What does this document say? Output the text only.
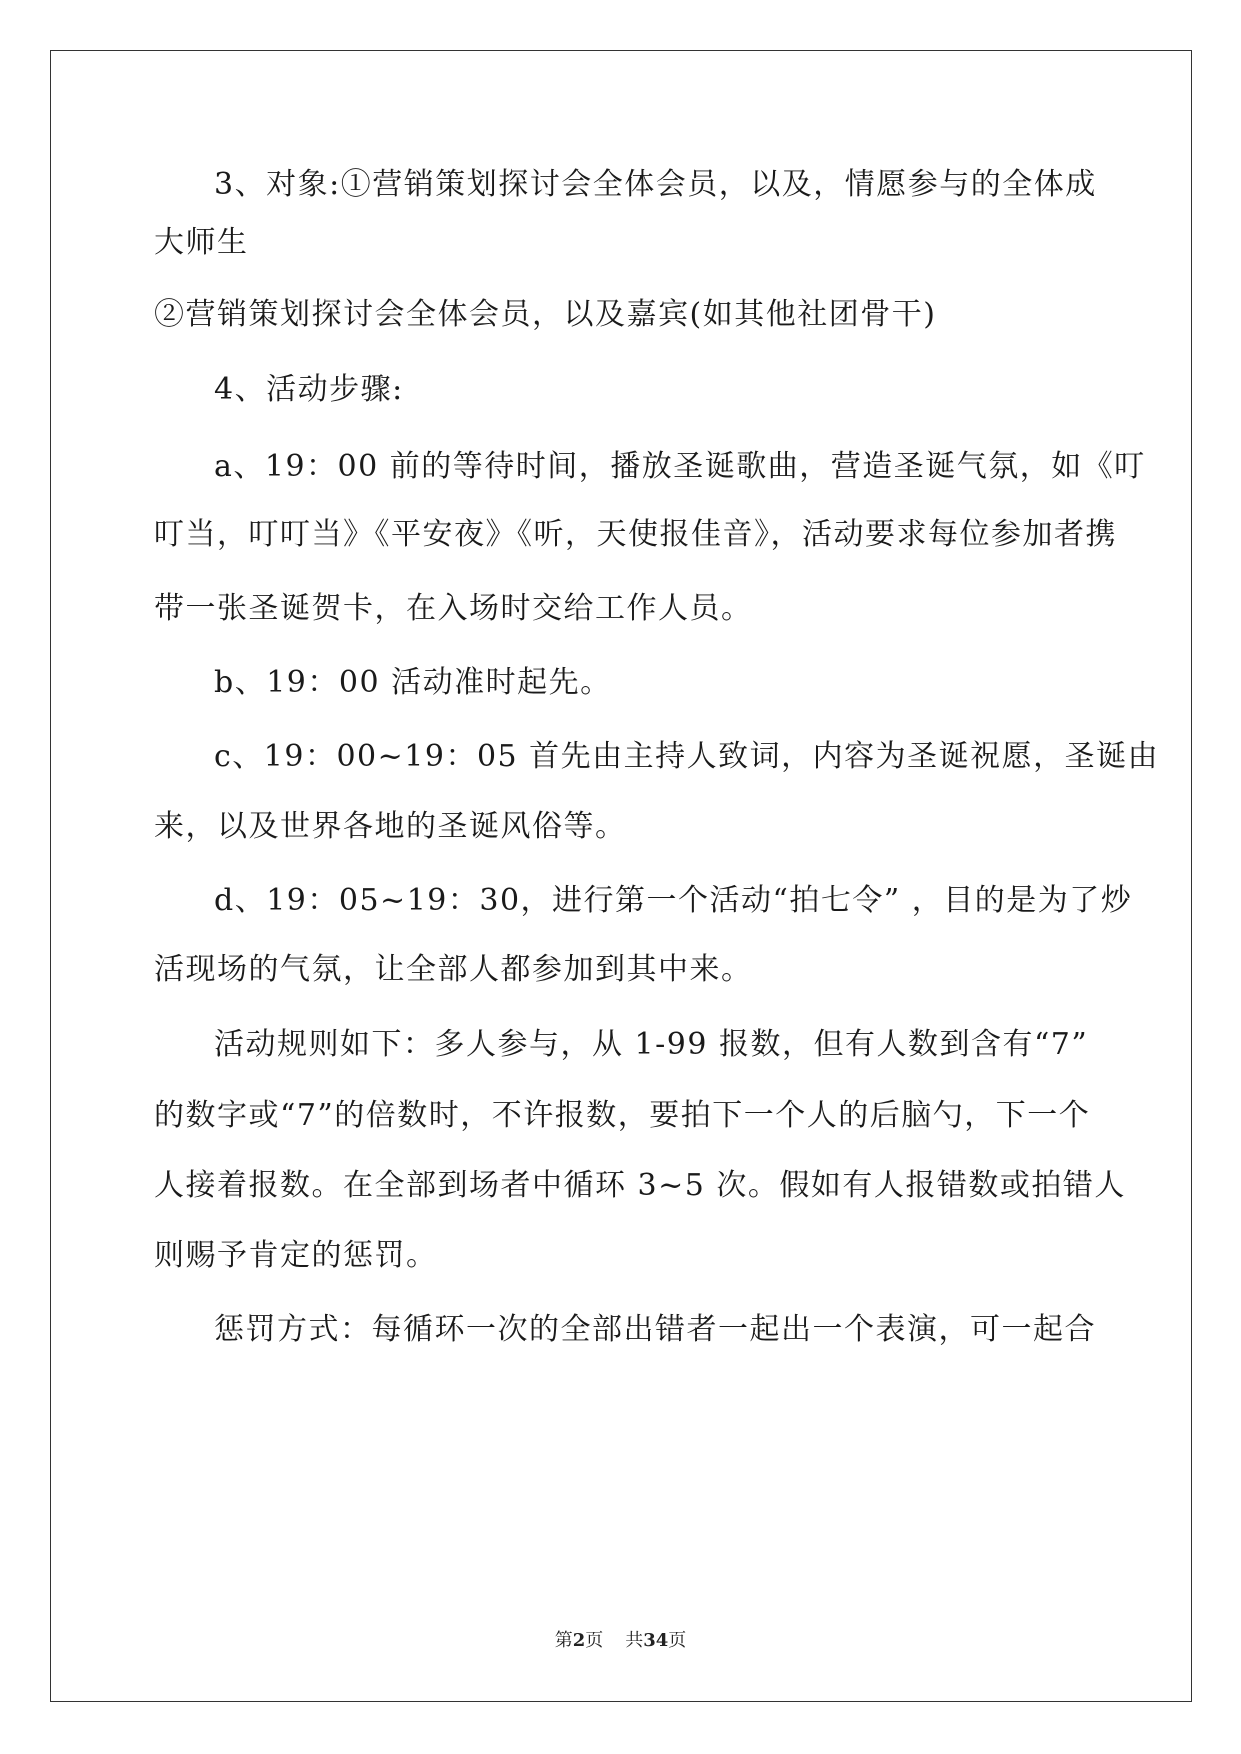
3、对象:①营销策划探讨会全体会员，以及，情愿参与的全体成
大师生
②营销策划探讨会全体会员，以及嘉宾(如其他社团骨干)
4、活动步骤:
a、19：00 前的等待时间，播放圣诞歌曲，营造圣诞气氛，如《叮
叮当，叮叮当》《平安夜》《听，天使报佳音》，活动要求每位参加者携
带一张圣诞贺卡，在入场时交给工作人员。
b、19：00 活动准时起先。
c、19：00~19：05 首先由主持人致词，内容为圣诞祝愿，圣诞由
来，以及世界各地的圣诞风俗等。
d、19：05~19：30，进行第一个活动“拍七令” ，目的是为了炒
活现场的气氛，让全部人都参加到其中来。
活动规则如下：多人参与，从 1-99 报数，但有人数到含有“7”
的数字或“7”的倍数时，不许报数，要拍下一个人的后脑勺，下一个
人接着报数。在全部到场者中循环 3~5 次。假如有人报错数或拍错人
则赐予肯定的惩罚。
惩罚方式：每循环一次的全部出错者一起出一个表演，可一起合
第2页 共34页
